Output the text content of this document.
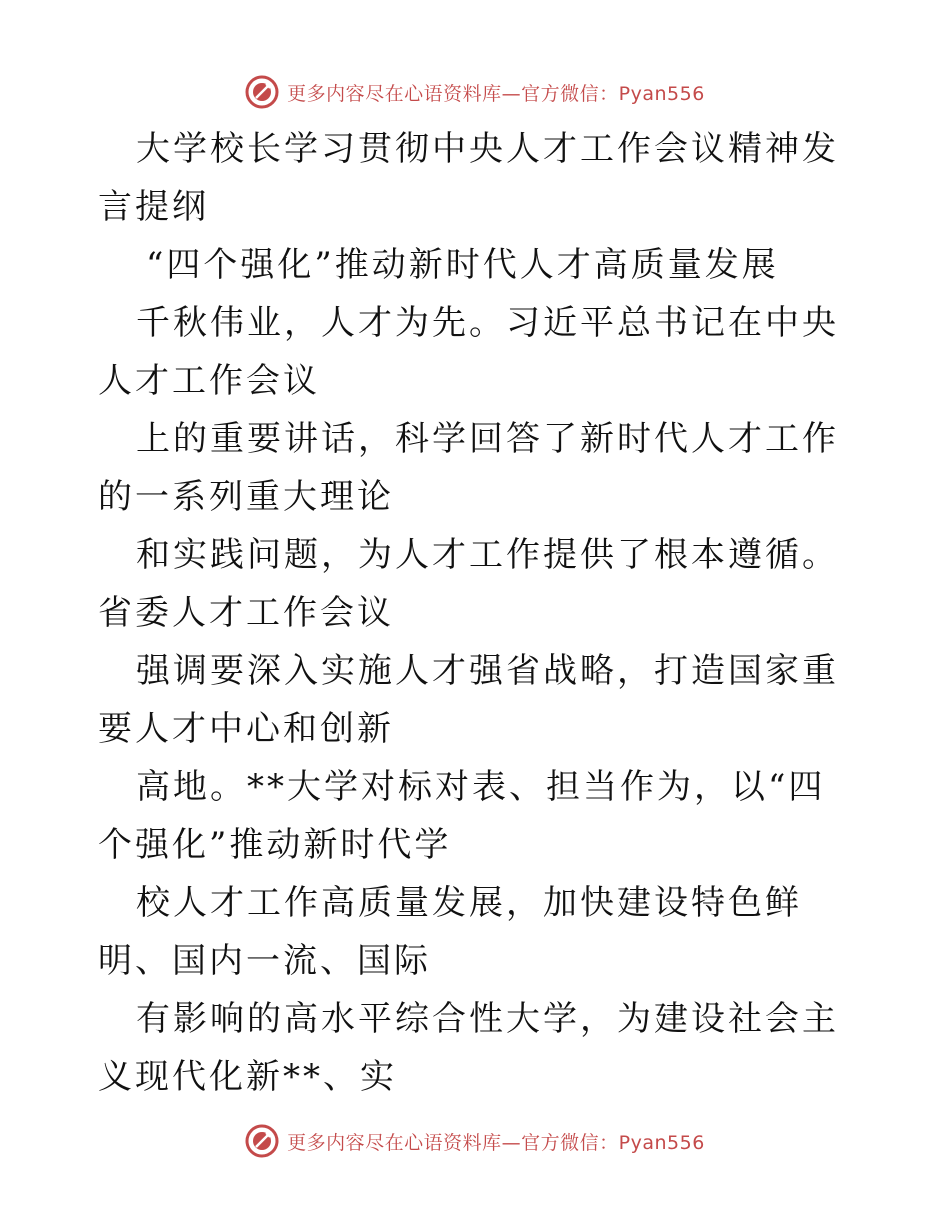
更多内容尽在心语资料库—官方微信：Pyan556

大学校长学习贯彻中央人才工作会议精神发言提纲

“四个强化”推动新时代人才高质量发展

千秋伟业，人才为先。习近平总书记在中央人才工作会议

上的重要讲话，科学回答了新时代人才工作的一系列重大理论

和实践问题，为人才工作提供了根本遵循。省委人才工作会议

强调要深入实施人才强省战略，打造国家重要人才中心和创新

高地。**大学对标对表、担当作为，以“四个强化”推动新时代学

校人才工作高质量发展，加快建设特色鲜明、国内一流、国际

有影响的高水平综合性大学，为建设社会主义现代化新**、实

更多内容尽在心语资料库—官方微信：Pyan556
